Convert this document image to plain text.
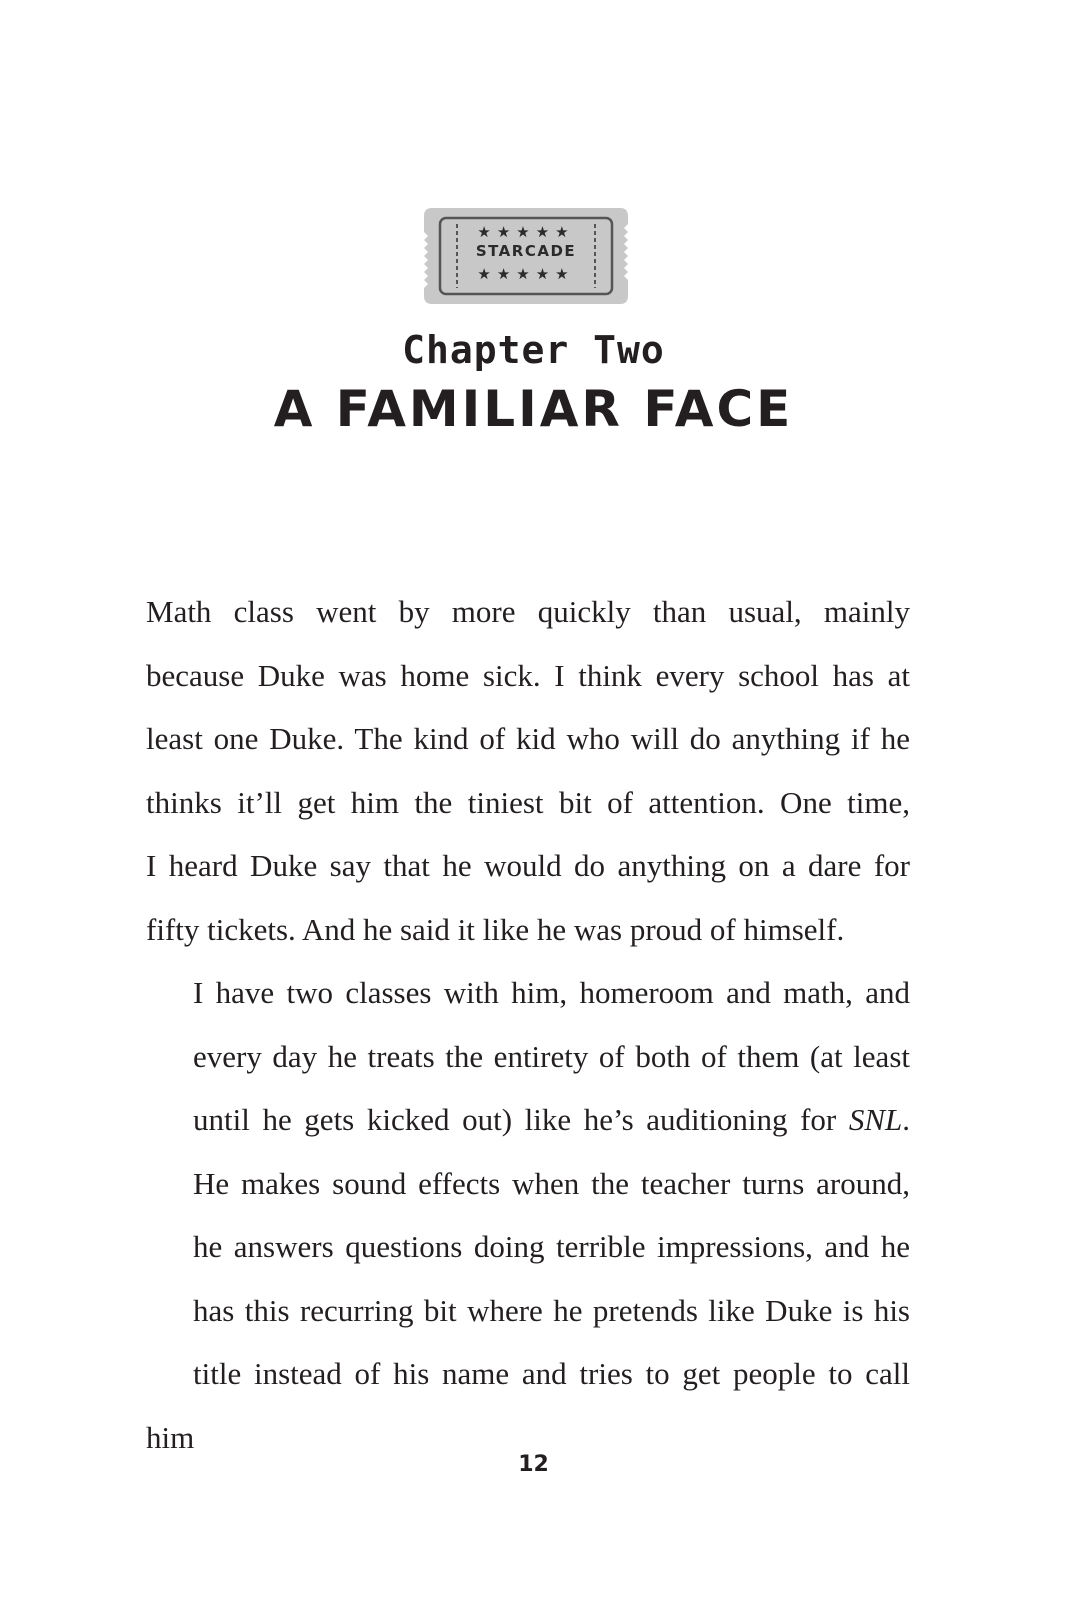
★★★★★
STARCADE
★★★★★
Chapter Two
A FAMILIAR FACE

Math class went by more quickly than usual, mainly
because Duke was home sick. I think every school has at
least one Duke. The kind of kid who will do anything if he
thinks it’ll get him the tiniest bit of attention. One time,
I heard Duke say that he would do anything on a dare for
fifty tickets. And he said it like he was proud of himself.

I have two classes with him, homeroom and math, and
every day he treats the entirety of both of them (at least
until he gets kicked out) like he’s auditioning for SNL.
He makes sound effects when the teacher turns around,
he answers questions doing terrible impressions, and he
has this recurring bit where he pretends like Duke is his
title instead of his name and tries to get people to call him

12
